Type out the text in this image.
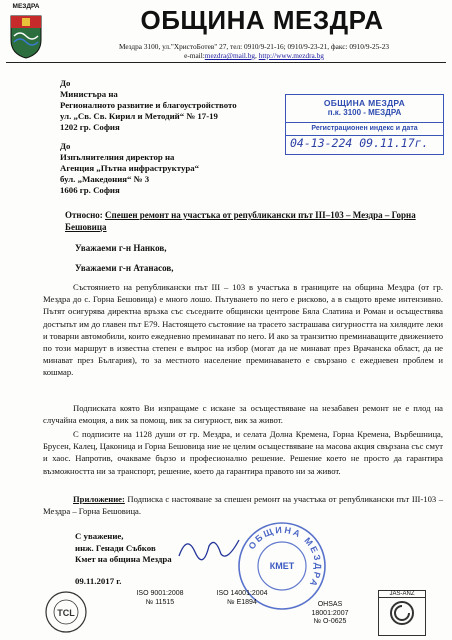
МЕЗДРА	ОБЩИНА МЕЗДРА
Мездра 3100, ул."ХристоБотев" 27, тел: 0910/9-21-16; 0910/9-23-21, факс: 0910/9-25-23
e-mail:mezdra@mail.bg, http://www.mezdra.bg
До
Министъра на
Регионалното развитие и благоустройството
ул. „Св. Св. Кирил и Методий“ № 17-19
1202 гр. София
ОБЩИНА МЕЗДРА
п.к. 3100 - МЕЗДРА
Регистрационен индекс и дата
04-13-224 09.11.17г.
До
Изпълнителния директор на
Агенция „Пътна инфраструктура“
бул. „Македония“ № 3
1606 гр. София
Относно: Спешен ремонт на участъка от републикански път III–103 – Мездра – Горна Бешовица
Уважаеми г-н Нанков,
Уважаеми г-н Атанасов,
Състоянието на републикански път III – 103 в участъка в границите на община Мездра (от гр. Мездра до с. Горна Бешовица) е много лошо. Пътуването по него е рисково, а в същото време интензивно. Пътят осигурява директна връзка със съседните общински центрове Бяла Слатина и Роман и осъществява достъпът им до главен път Е79. Настоящето състояние на трасето застрашава сигурността на хилядите леки и товарни автомобили, които ежедневно преминават по него. И ако за транзитно преминаващите движението по този маршрут в известна степен е въпрос на избор (могат да не минават през Врачанска област, да не минават през България), то за местното население преминаването е свързано с ежедневен проблем и кошмар.
Подписката която Ви изпращаме с искане за осъществяване на незабавен ремонт не е плод на случайна емоция, а вик за помощ, вик за сигурност, вик за живот.
С подписите на 1128 души от гр. Мездра, и селата Долна Кремена, Горна Кремена, Върбешница, Брусен, Калец, Цаконица и Горна Бешовица ние не целим осъществяване на масова акция свързана със смут и хаос. Напротив, очакваме бързо и професионално решение. Решение което не просто да гарантира възможността ни за транспорт, решение, което да гарантира правото ни за живот.
Приложение: Подписка с настояване за спешен ремонт на участъка от републикански път III-103 – Мездра – Горна Бешовица.
С уважение,
инж. Генади Събков
Кмет на община Мездра
09.11.2017 г.
ОБЩИНА МЕЗДРА
КМЕТ
TCL
ISO 9001:2008
№ 11515
ISO 14001:2004
№ Е1894	OHSAS
18001:2007
№ О-0625
JAS-ANZ
